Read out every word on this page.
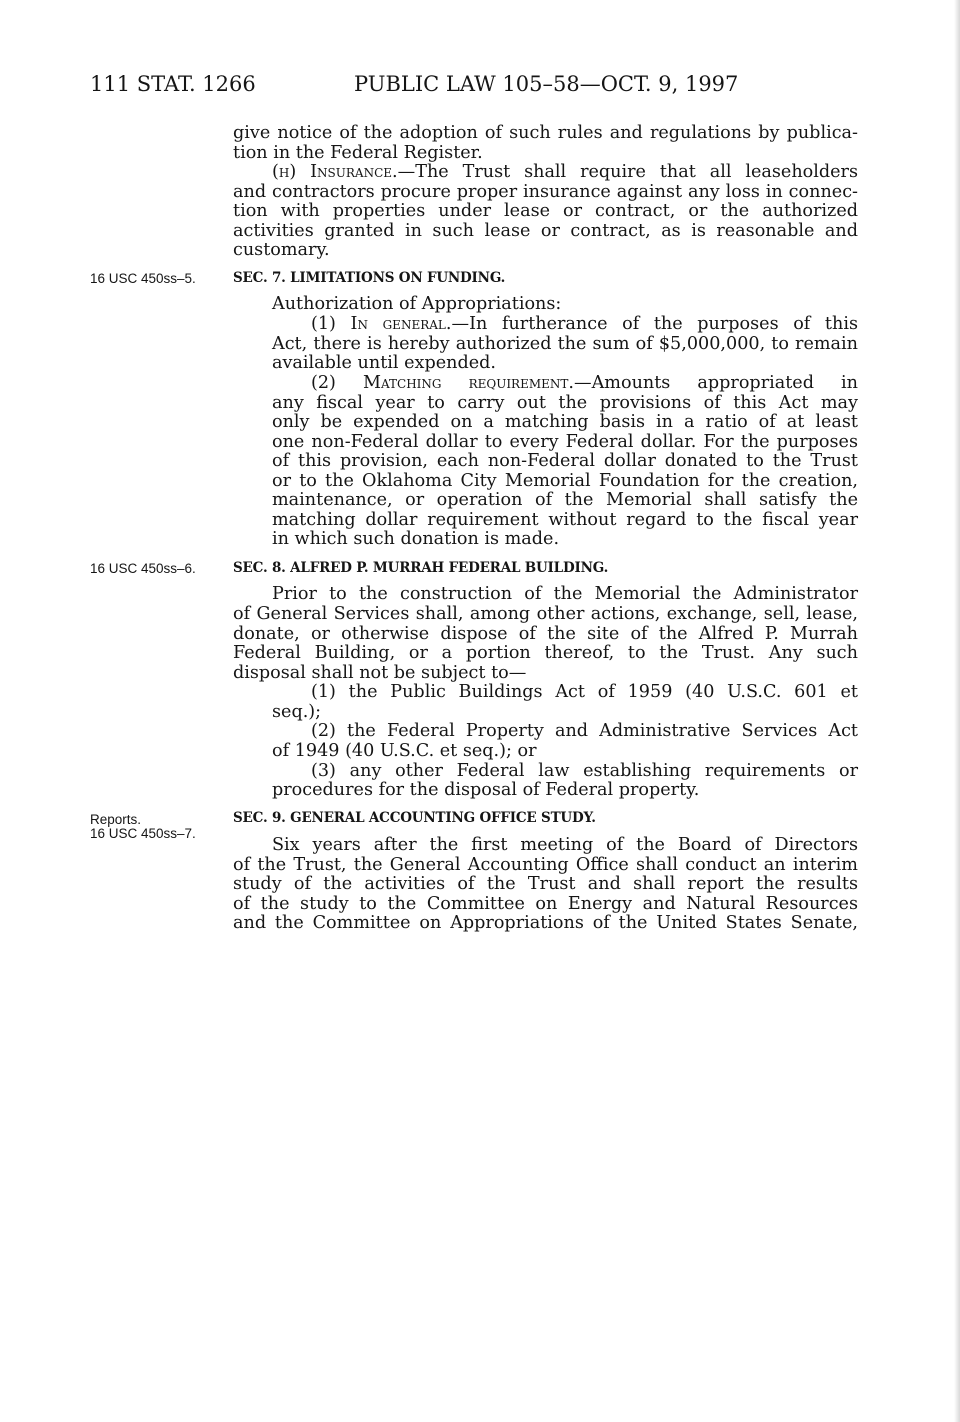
111 STAT. 1266	PUBLIC LAW 105–58—OCT. 9, 1997
give notice of the adoption of such rules and regulations by publica-
tion in the Federal Register.
(h) Insurance.—The Trust shall require that all leaseholders
and contractors procure proper insurance against any loss in connec-
tion with properties under lease or contract, or the authorized
activities granted in such lease or contract, as is reasonable and
customary.
16 USC 450ss–5.	SEC. 7. LIMITATIONS ON FUNDING.
Authorization of Appropriations:
(1) In general.—In furtherance of the purposes of this
Act, there is hereby authorized the sum of $5,000,000, to remain
available until expended.
(2) Matching requirement.—Amounts appropriated in
any fiscal year to carry out the provisions of this Act may
only be expended on a matching basis in a ratio of at least
one non-Federal dollar to every Federal dollar. For the purposes
of this provision, each non-Federal dollar donated to the Trust
or to the Oklahoma City Memorial Foundation for the creation,
maintenance, or operation of the Memorial shall satisfy the
matching dollar requirement without regard to the fiscal year
in which such donation is made.
16 USC 450ss–6.	SEC. 8. ALFRED P. MURRAH FEDERAL BUILDING.
Prior to the construction of the Memorial the Administrator
of General Services shall, among other actions, exchange, sell, lease,
donate, or otherwise dispose of the site of the Alfred P. Murrah
Federal Building, or a portion thereof, to the Trust. Any such
disposal shall not be subject to—
(1) the Public Buildings Act of 1959 (40 U.S.C. 601 et
seq.);
(2) the Federal Property and Administrative Services Act
of 1949 (40 U.S.C. et seq.); or
(3) any other Federal law establishing requirements or
procedures for the disposal of Federal property.
Reports.
16 USC 450ss–7.
SEC. 9. GENERAL ACCOUNTING OFFICE STUDY.
Six years after the first meeting of the Board of Directors
of the Trust, the General Accounting Office shall conduct an interim
study of the activities of the Trust and shall report the results
of the study to the Committee on Energy and Natural Resources
and the Committee on Appropriations of the United States Senate,
